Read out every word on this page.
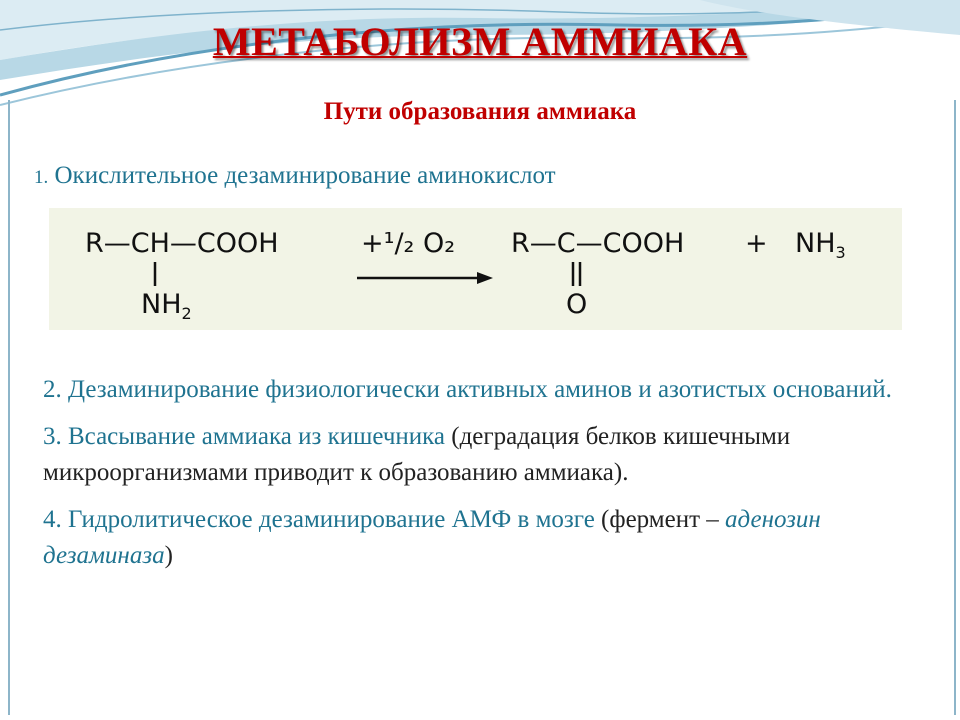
МЕТАБОЛИЗМ АММИАКА
Пути образования аммиака
1. Окислительное дезаминирование аминокислот
R—CH—COOH
$NH_2$
+¹/₂ O₂ R—C—COOH
O
+ $NH_3$

2. Дезаминирование физиологически активных аминов и азотистых оснований.

3. Всасывание аммиака из кишечника (деградация белков кишечными микроорганизмами приводит к образованию аммиака).

4. Гидролитическое дезаминирование АМФ в мозге (фермент – аденозин дезаминаза)
